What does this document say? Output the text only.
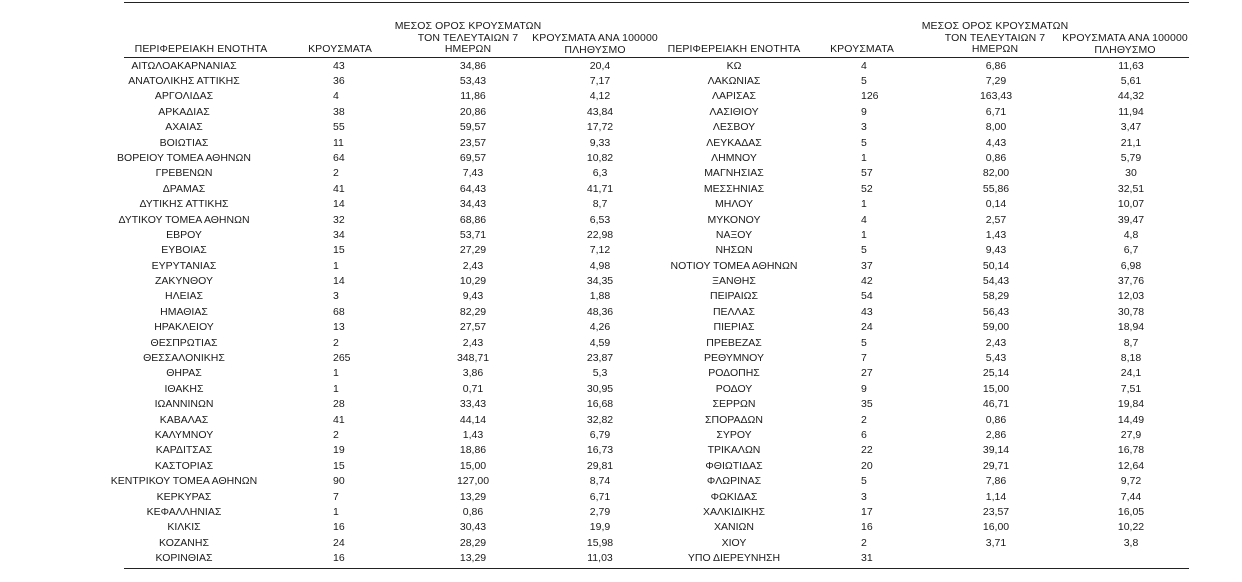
ΠΕΡΙΦΕΡΕΙΑΚΗ ΕΝΟΤΗΤΑ	ΚΡΟΥΣΜΑΤΑ
ΜΕΣΟΣ ΟΡΟΣ ΚΡΟΥΣΜΑΤΩΝ
ΤΟΝ ΤΕΛΕΥΤΑΙΩΝ 7
ΗΜΕΡΩΝ
ΚΡΟΥΣΜΑΤΑ ΑΝΑ 100000
ΠΛΗΘΥΣΜΟ	ΠΕΡΙΦΕΡΕΙΑΚΗ ΕΝΟΤΗΤΑ	ΚΡΟΥΣΜΑΤΑ
ΜΕΣΟΣ ΟΡΟΣ ΚΡΟΥΣΜΑΤΩΝ
ΤΟΝ ΤΕΛΕΥΤΑΙΩΝ 7
ΗΜΕΡΩΝ
ΚΡΟΥΣΜΑΤΑ ΑΝΑ 100000
ΠΛΗΘΥΣΜΟ
ΑΙΤΩΛΟΑΚΑΡΝΑΝΙΑΣ	43	34,86	20,4	ΚΩ	4	6,86	11,63
ΑΝΑΤΟΛΙΚΗΣ ΑΤΤΙΚΗΣ	36	53,43	7,17	ΛΑΚΩΝΙΑΣ	5	7,29	5,61
ΑΡΓΟΛΙΔΑΣ	4	11,86	4,12	ΛΑΡΙΣΑΣ	126	163,43	44,32
ΑΡΚΑΔΙΑΣ	38	20,86	43,84	ΛΑΣΙΘΙΟΥ	9	6,71	11,94
ΑΧΑΙΑΣ	55	59,57	17,72	ΛΕΣΒΟΥ	3	8,00	3,47
ΒΟΙΩΤΙΑΣ	11	23,57	9,33	ΛΕΥΚΑΔΑΣ	5	4,43	21,1
ΒΟΡΕΙΟΥ ΤΟΜΕΑ ΑΘΗΝΩΝ	64	69,57	10,82	ΛΗΜΝΟΥ	1	0,86	5,79
ΓΡΕΒΕΝΩΝ	2	7,43	6,3	ΜΑΓΝΗΣΙΑΣ	57	82,00	30
ΔΡΑΜΑΣ	41	64,43	41,71	ΜΕΣΣΗΝΙΑΣ	52	55,86	32,51
ΔΥΤΙΚΗΣ ΑΤΤΙΚΗΣ	14	34,43	8,7	ΜΗΛΟΥ	1	0,14	10,07
ΔΥΤΙΚΟΥ ΤΟΜΕΑ ΑΘΗΝΩΝ	32	68,86	6,53	ΜΥΚΟΝΟΥ	4	2,57	39,47
ΕΒΡΟΥ	34	53,71	22,98	ΝΑΞΟΥ	1	1,43	4,8
ΕΥΒΟΙΑΣ	15	27,29	7,12	ΝΗΣΩΝ	5	9,43	6,7
ΕΥΡΥΤΑΝΙΑΣ	1	2,43	4,98	ΝΟΤΙΟΥ ΤΟΜΕΑ ΑΘΗΝΩΝ	37	50,14	6,98
ΖΑΚΥΝΘΟΥ	14	10,29	34,35	ΞΑΝΘΗΣ	42	54,43	37,76
ΗΛΕΙΑΣ	3	9,43	1,88	ΠΕΙΡΑΙΩΣ	54	58,29	12,03
ΗΜΑΘΙΑΣ	68	82,29	48,36	ΠΕΛΛΑΣ	43	56,43	30,78
ΗΡΑΚΛΕΙΟΥ	13	27,57	4,26	ΠΙΕΡΙΑΣ	24	59,00	18,94
ΘΕΣΠΡΩΤΙΑΣ	2	2,43	4,59	ΠΡΕΒΕΖΑΣ	5	2,43	8,7
ΘΕΣΣΑΛΟΝΙΚΗΣ	265	348,71	23,87	ΡΕΘΥΜΝΟΥ	7	5,43	8,18
ΘΗΡΑΣ	1	3,86	5,3	ΡΟΔΟΠΗΣ	27	25,14	24,1
ΙΘΑΚΗΣ	1	0,71	30,95	ΡΟΔΟΥ	9	15,00	7,51
ΙΩΑΝΝΙΝΩΝ	28	33,43	16,68	ΣΕΡΡΩΝ	35	46,71	19,84
ΚΑΒΑΛΑΣ	41	44,14	32,82	ΣΠΟΡΑΔΩΝ	2	0,86	14,49
ΚΑΛΥΜΝΟΥ	2	1,43	6,79	ΣΥΡΟΥ	6	2,86	27,9
ΚΑΡΔΙΤΣΑΣ	19	18,86	16,73	ΤΡΙΚΑΛΩΝ	22	39,14	16,78
ΚΑΣΤΟΡΙΑΣ	15	15,00	29,81	ΦΘΙΩΤΙΔΑΣ	20	29,71	12,64
ΚΕΝΤΡΙΚΟΥ ΤΟΜΕΑ ΑΘΗΝΩΝ	90	127,00	8,74	ΦΛΩΡΙΝΑΣ	5	7,86	9,72
ΚΕΡΚΥΡΑΣ	7	13,29	6,71	ΦΩΚΙΔΑΣ	3	1,14	7,44
ΚΕΦΑΛΛΗΝΙΑΣ	1	0,86	2,79	ΧΑΛΚΙΔΙΚΗΣ	17	23,57	16,05
ΚΙΛΚΙΣ	16	30,43	19,9	ΧΑΝΙΩΝ	16	16,00	10,22
ΚΟΖΑΝΗΣ	24	28,29	15,98	ΧΙΟΥ	2	3,71	3,8
ΚΟΡΙΝΘΙΑΣ	16	13,29	11,03	ΥΠΟ ΔΙΕΡΕΥΝΗΣΗ	31
